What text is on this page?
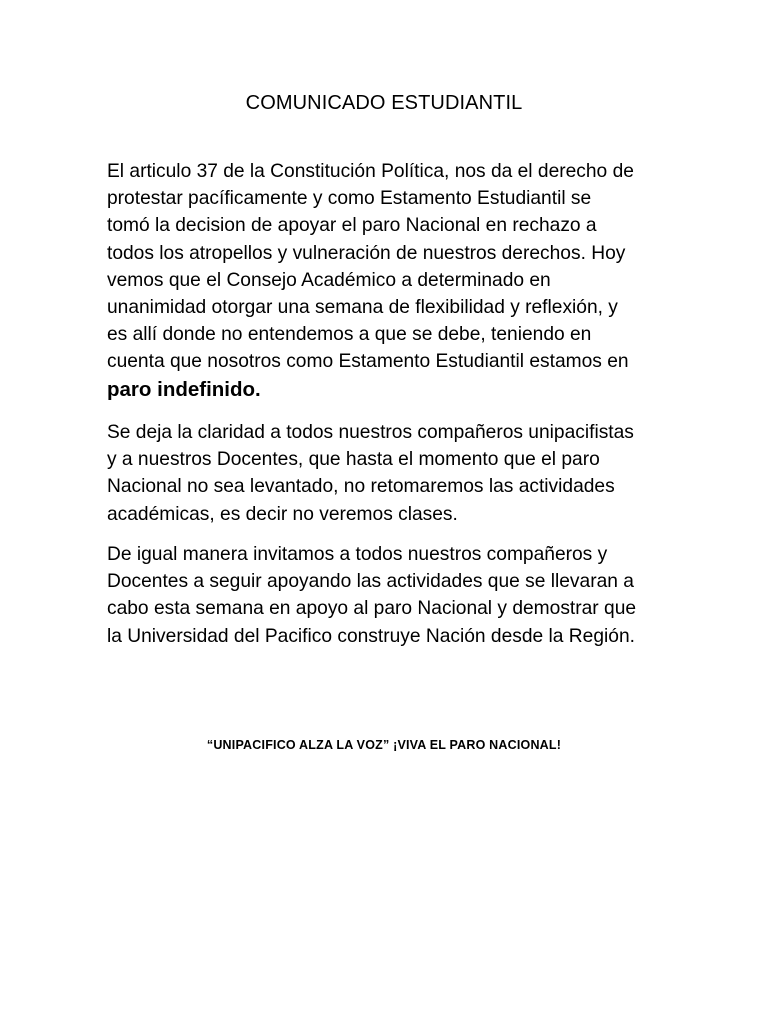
COMUNICADO ESTUDIANTIL

El articulo 37 de la Constitución Política, nos da el derecho de
protestar pacíficamente y como Estamento Estudiantil se
tomó la decision de apoyar el paro Nacional en rechazo a
todos los atropellos y vulneración de nuestros derechos. Hoy
vemos que el Consejo Académico a determinado en
unanimidad otorgar una semana de flexibilidad y reflexión, y
es allí donde no entendemos a que se debe, teniendo en
cuenta que nosotros como Estamento Estudiantil estamos en
paro indefinido.

Se deja la claridad a todos nuestros compañeros unipacifistas
y a nuestros Docentes, que hasta el momento que el paro
Nacional no sea levantado, no retomaremos las actividades
académicas, es decir no veremos clases.

De igual manera invitamos a todos nuestros compañeros y
Docentes a seguir apoyando las actividades que se llevaran a
cabo esta semana en apoyo al paro Nacional y demostrar que
la Universidad del Pacifico construye Nación desde la Región.

“UNIPACIFICO ALZA LA VOZ” ¡VIVA EL PARO NACIONAL!
